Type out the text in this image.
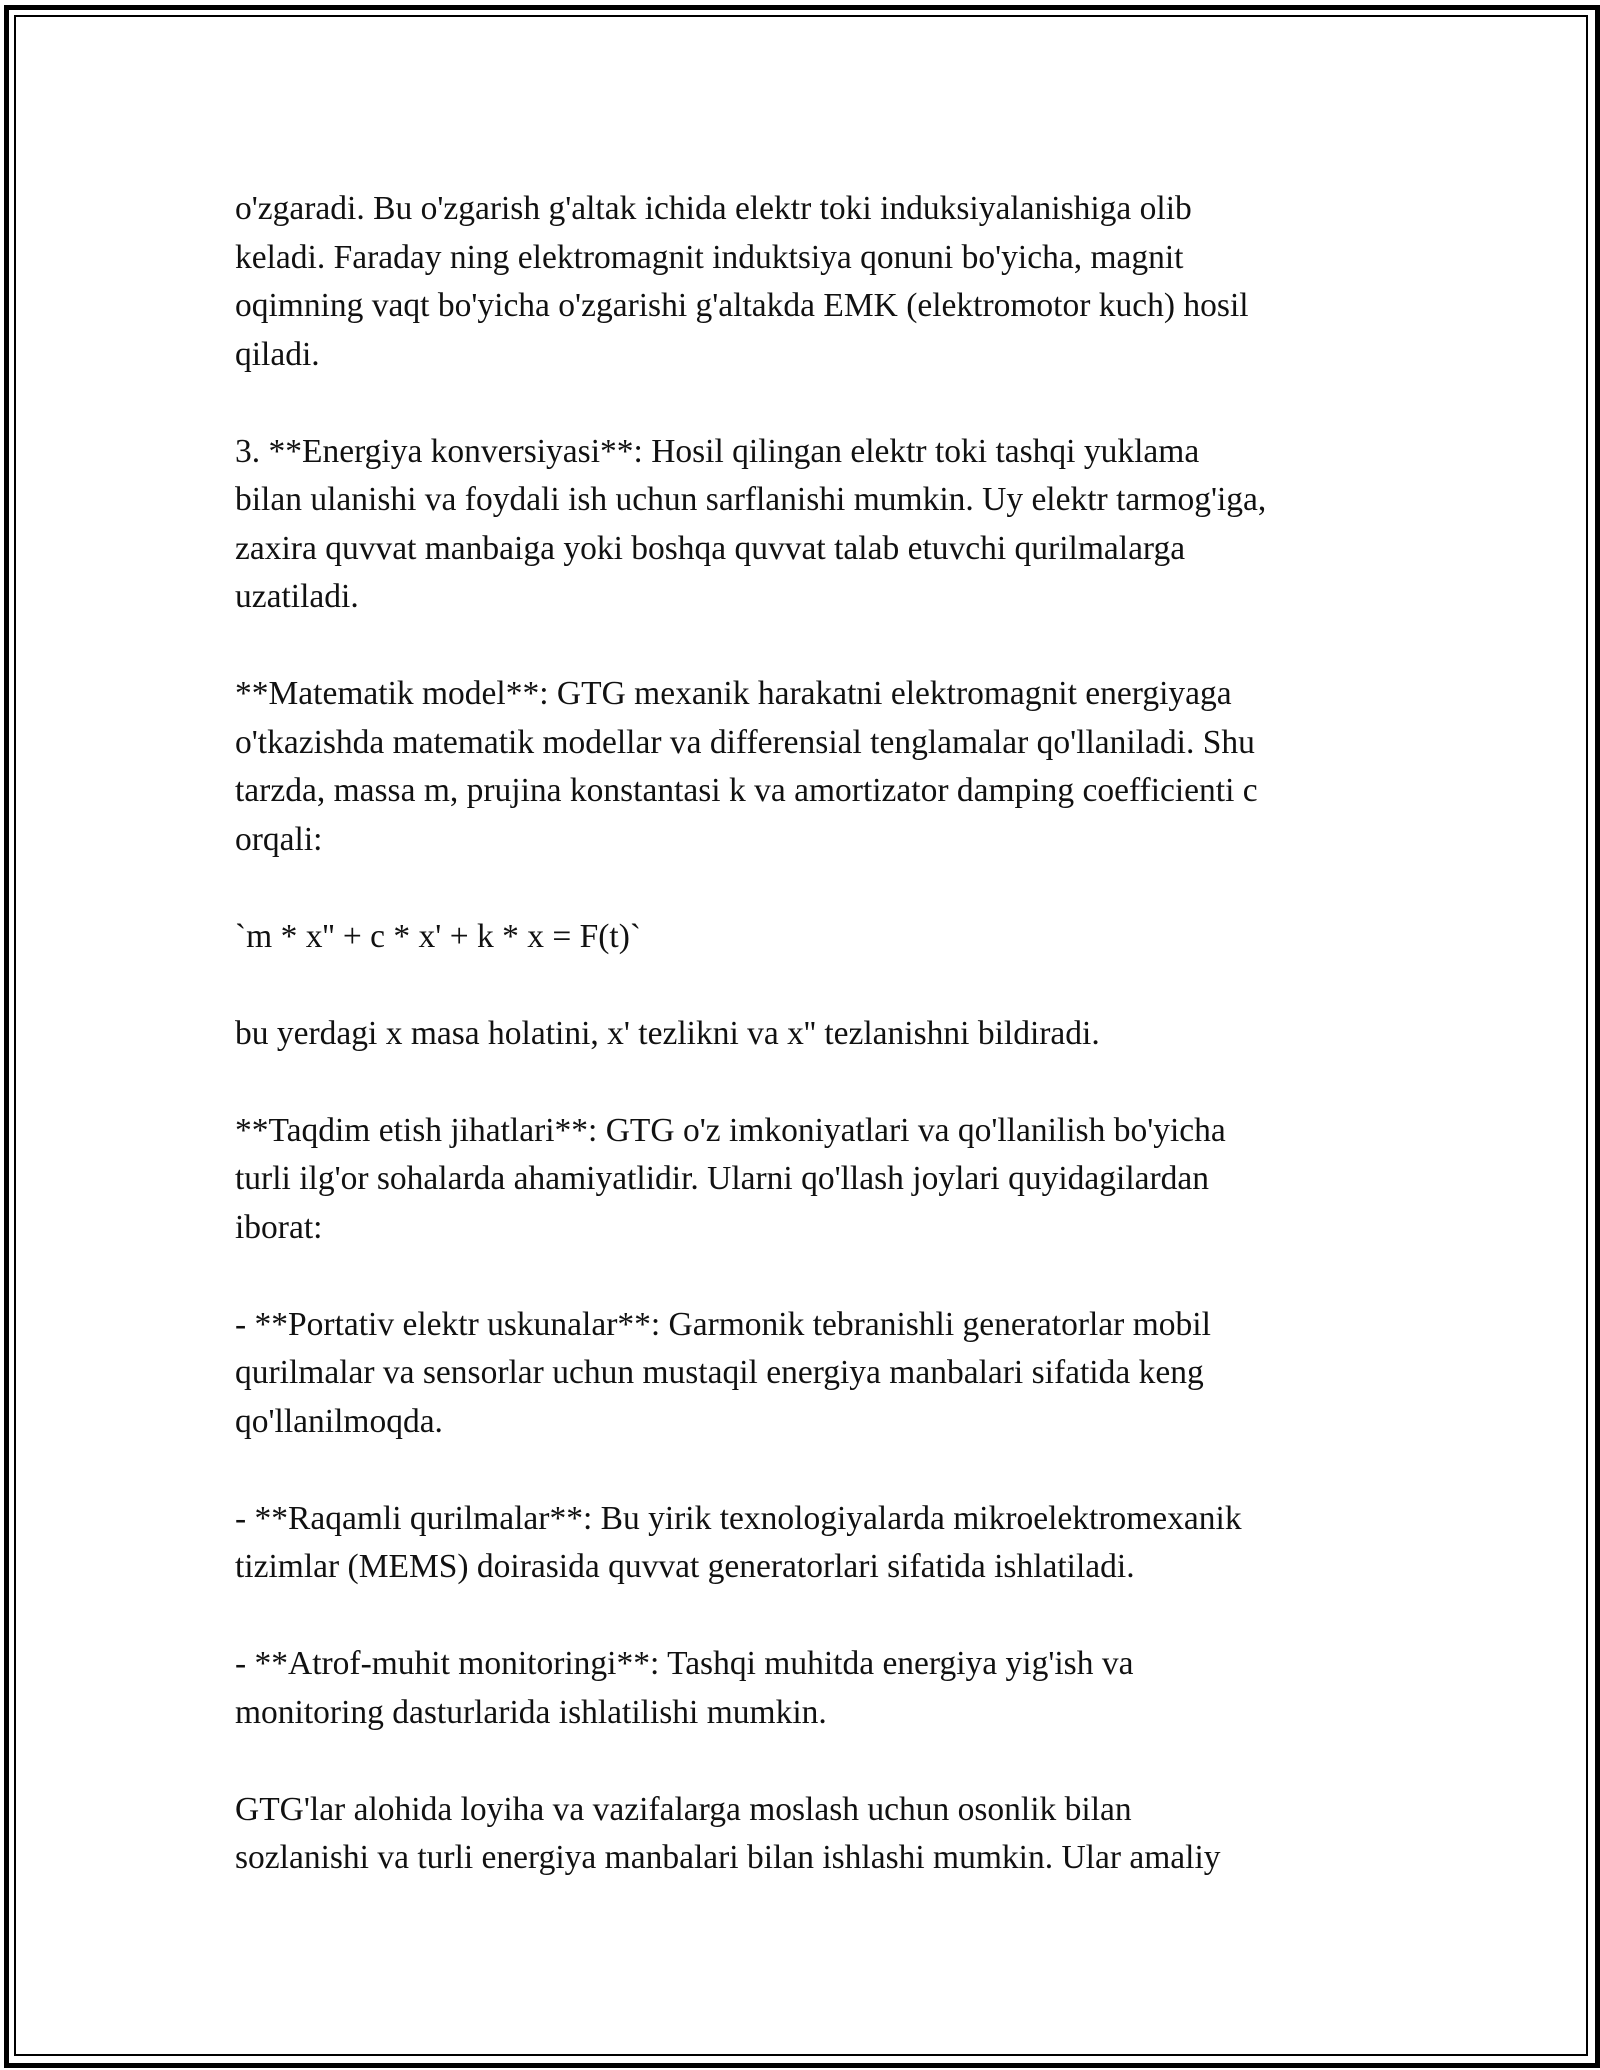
o'zgaradi. Bu o'zgarish g'altak ichida elektr toki induksiyalanishiga olib
keladi. Faraday ning elektromagnit induktsiya qonuni bo'yicha, magnit
oqimning vaqt bo'yicha o'zgarishi g'altakda EMK (elektromotor kuch) hosil
qiladi.

3. **Energiya konversiyasi**: Hosil qilingan elektr toki tashqi yuklama
bilan ulanishi va foydali ish uchun sarflanishi mumkin. Uy elektr tarmog'iga,
zaxira quvvat manbaiga yoki boshqa quvvat talab etuvchi qurilmalarga
uzatiladi.

**Matematik model**: GTG mexanik harakatni elektromagnit energiyaga
o'tkazishda matematik modellar va differensial tenglamalar qo'llaniladi. Shu
tarzda, massa m, prujina konstantasi k va amortizator damping coefficienti c
orqali:

`m * x'' + c * x' + k * x = F(t)`

bu yerdagi x masa holatini, x' tezlikni va x'' tezlanishni bildiradi.

**Taqdim etish jihatlari**: GTG o'z imkoniyatlari va qo'llanilish bo'yicha
turli ilg'or sohalarda ahamiyatlidir. Ularni qo'llash joylari quyidagilardan
iborat:

- **Portativ elektr uskunalar**: Garmonik tebranishli generatorlar mobil
qurilmalar va sensorlar uchun mustaqil energiya manbalari sifatida keng
qo'llanilmoqda.

- **Raqamli qurilmalar**: Bu yirik texnologiyalarda mikroelektromexanik
tizimlar (MEMS) doirasida quvvat generatorlari sifatida ishlatiladi.

- **Atrof-muhit monitoringi**: Tashqi muhitda energiya yig'ish va
monitoring dasturlarida ishlatilishi mumkin.

GTG'lar alohida loyiha va vazifalarga moslash uchun osonlik bilan
sozlanishi va turli energiya manbalari bilan ishlashi mumkin. Ular amaliy
